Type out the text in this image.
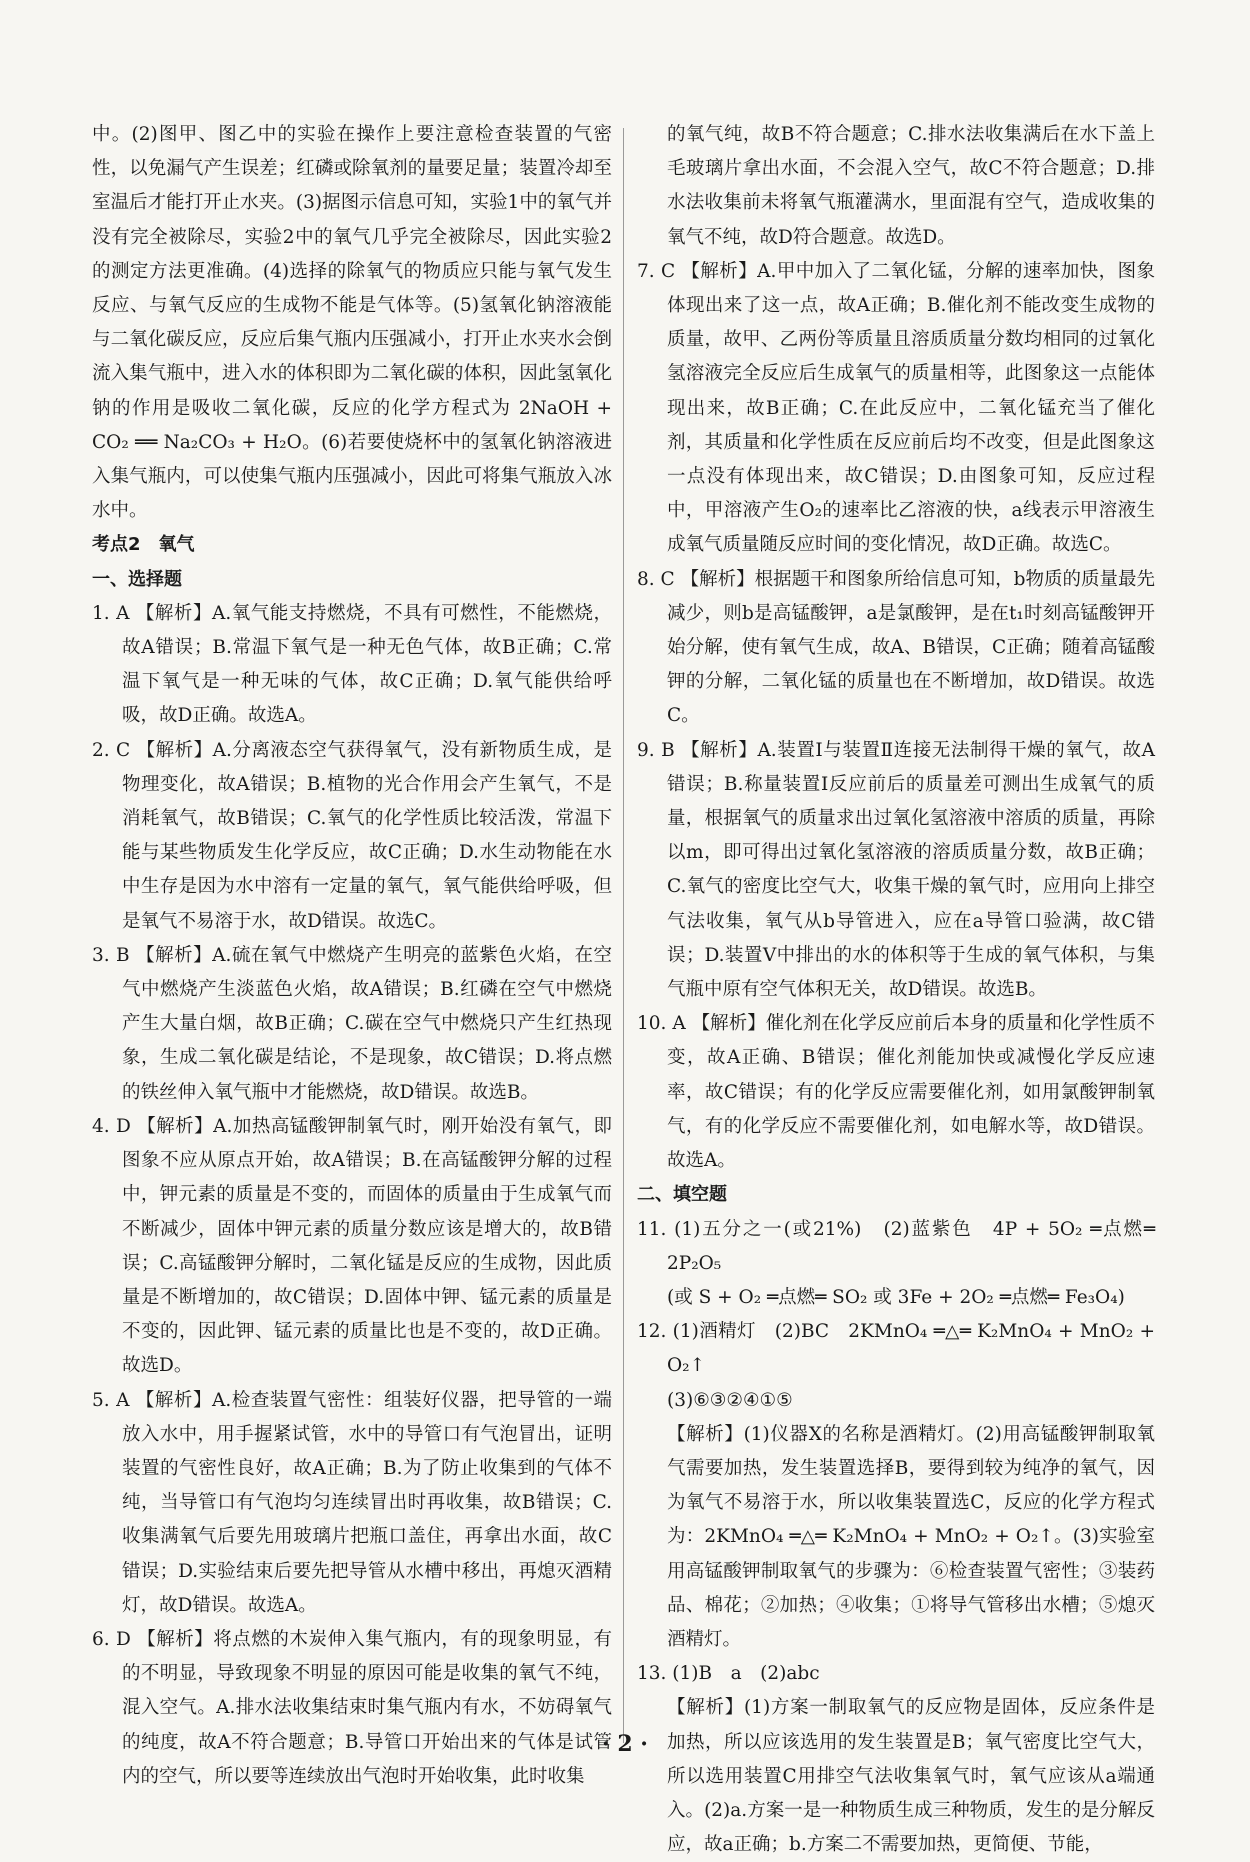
中。(2)图甲、图乙中的实验在操作上要注意检查装置的气密性，以免漏气产生误差；红磷或除氧剂的量要足量；装置冷却至室温后才能打开止水夹。(3)据图示信息可知，实验1中的氧气并没有完全被除尽，实验2中的氧气几乎完全被除尽，因此实验2的测定方法更准确。(4)选择的除氧气的物质应只能与氧气发生反应、与氧气反应的生成物不能是气体等。(5)氢氧化钠溶液能与二氧化碳反应，反应后集气瓶内压强减小，打开止水夹水会倒流入集气瓶中，进入水的体积即为二氧化碳的体积，因此氢氧化钠的作用是吸收二氧化碳，反应的化学方程式为 2NaOH + CO₂ ══ Na₂CO₃ + H₂O。(6)若要使烧杯中的氢氧化钠溶液进入集气瓶内，可以使集气瓶内压强减小，因此可将集气瓶放入冰水中。

考点2　氧气

一、选择题

1. A 【解析】A.氧气能支持燃烧，不具有可燃性，不能燃烧，故A错误；B.常温下氧气是一种无色气体，故B正确；C.常温下氧气是一种无味的气体，故C正确；D.氧气能供给呼吸，故D正确。故选A。

2. C 【解析】A.分离液态空气获得氧气，没有新物质生成，是物理变化，故A错误；B.植物的光合作用会产生氧气，不是消耗氧气，故B错误；C.氧气的化学性质比较活泼，常温下能与某些物质发生化学反应，故C正确；D.水生动物能在水中生存是因为水中溶有一定量的氧气，氧气能供给呼吸，但是氧气不易溶于水，故D错误。故选C。

3. B 【解析】A.硫在氧气中燃烧产生明亮的蓝紫色火焰，在空气中燃烧产生淡蓝色火焰，故A错误；B.红磷在空气中燃烧产生大量白烟，故B正确；C.碳在空气中燃烧只产生红热现象，生成二氧化碳是结论，不是现象，故C错误；D.将点燃的铁丝伸入氧气瓶中才能燃烧，故D错误。故选B。

4. D 【解析】A.加热高锰酸钾制氧气时，刚开始没有氧气，即图象不应从原点开始，故A错误；B.在高锰酸钾分解的过程中，钾元素的质量是不变的，而固体的质量由于生成氧气而不断减少，固体中钾元素的质量分数应该是增大的，故B错误；C.高锰酸钾分解时，二氧化锰是反应的生成物，因此质量是不断增加的，故C错误；D.固体中钾、锰元素的质量是不变的，因此钾、锰元素的质量比也是不变的，故D正确。故选D。

5. A 【解析】A.检查装置气密性：组装好仪器，把导管的一端放入水中，用手握紧试管，水中的导管口有气泡冒出，证明装置的气密性良好，故A正确；B.为了防止收集到的气体不纯，当导管口有气泡均匀连续冒出时再收集，故B错误；C.收集满氧气后要先用玻璃片把瓶口盖住，再拿出水面，故C错误；D.实验结束后要先把导管从水槽中移出，再熄灭酒精灯，故D错误。故选A。

6. D 【解析】将点燃的木炭伸入集气瓶内，有的现象明显，有的不明显，导致现象不明显的原因可能是收集的氧气不纯，混入空气。A.排水法收集结束时集气瓶内有水，不妨碍氧气的纯度，故A不符合题意；B.导管口开始出来的气体是试管内的空气，所以要等连续放出气泡时开始收集，此时收集

的氧气纯，故B不符合题意；C.排水法收集满后在水下盖上毛玻璃片拿出水面，不会混入空气，故C不符合题意；D.排水法收集前未将氧气瓶灌满水，里面混有空气，造成收集的氧气不纯，故D符合题意。故选D。

7. C 【解析】A.甲中加入了二氧化锰，分解的速率加快，图象体现出来了这一点，故A正确；B.催化剂不能改变生成物的质量，故甲、乙两份等质量且溶质质量分数均相同的过氧化氢溶液完全反应后生成氧气的质量相等，此图象这一点能体现出来，故B正确；C.在此反应中，二氧化锰充当了催化剂，其质量和化学性质在反应前后均不改变，但是此图象这一点没有体现出来，故C错误；D.由图象可知，反应过程中，甲溶液产生O₂的速率比乙溶液的快，a线表示甲溶液生成氧气质量随反应时间的变化情况，故D正确。故选C。

8. C 【解析】根据题干和图象所给信息可知，b物质的质量最先减少，则b是高锰酸钾，a是氯酸钾，是在t₁时刻高锰酸钾开始分解，使有氧气生成，故A、B错误，C正确；随着高锰酸钾的分解，二氧化锰的质量也在不断增加，故D错误。故选C。

9. B 【解析】A.装置Ⅰ与装置Ⅱ连接无法制得干燥的氧气，故A错误；B.称量装置Ⅰ反应前后的质量差可测出生成氧气的质量，根据氧气的质量求出过氧化氢溶液中溶质的质量，再除以m，即可得出过氧化氢溶液的溶质质量分数，故B正确；C.氧气的密度比空气大，收集干燥的氧气时，应用向上排空气法收集，氧气从b导管进入，应在a导管口验满，故C错误；D.装置Ⅴ中排出的水的体积等于生成的氧气体积，与集气瓶中原有空气体积无关，故D错误。故选B。

10. A 【解析】催化剂在化学反应前后本身的质量和化学性质不变，故A正确、B错误；催化剂能加快或减慢化学反应速率，故C错误；有的化学反应需要催化剂，如用氯酸钾制氧气，有的化学反应不需要催化剂，如电解水等，故D错误。故选A。

二、填空题

11. (1)五分之一(或21%)　(2)蓝紫色　4P + 5O₂ ═点燃═ 2P₂O₅

(或 S + O₂ ═点燃═ SO₂ 或 3Fe + 2O₂ ═点燃═ Fe₃O₄)

12. (1)酒精灯　(2)BC　2KMnO₄ ═△═ K₂MnO₄ + MnO₂ + O₂↑

(3)⑥③②④①⑤

【解析】(1)仪器X的名称是酒精灯。(2)用高锰酸钾制取氧气需要加热，发生装置选择B，要得到较为纯净的氧气，因为氧气不易溶于水，所以收集装置选C，反应的化学方程式为：2KMnO₄ ═△═ K₂MnO₄ + MnO₂ + O₂↑。(3)实验室用高锰酸钾制取氧气的步骤为：⑥检查装置气密性；③装药品、棉花；②加热；④收集；①将导气管移出水槽；⑤熄灭酒精灯。

13. (1)B　a　(2)abc

【解析】(1)方案一制取氧气的反应物是固体，反应条件是加热，所以应该选用的发生装置是B；氧气密度比空气大，所以选用装置C用排空气法收集氧气时，氧气应该从a端通入。(2)a.方案一是一种物质生成三种物质，发生的是分解反应，故a正确；b.方案二不需要加热，更简便、节能，

· 2 ·
